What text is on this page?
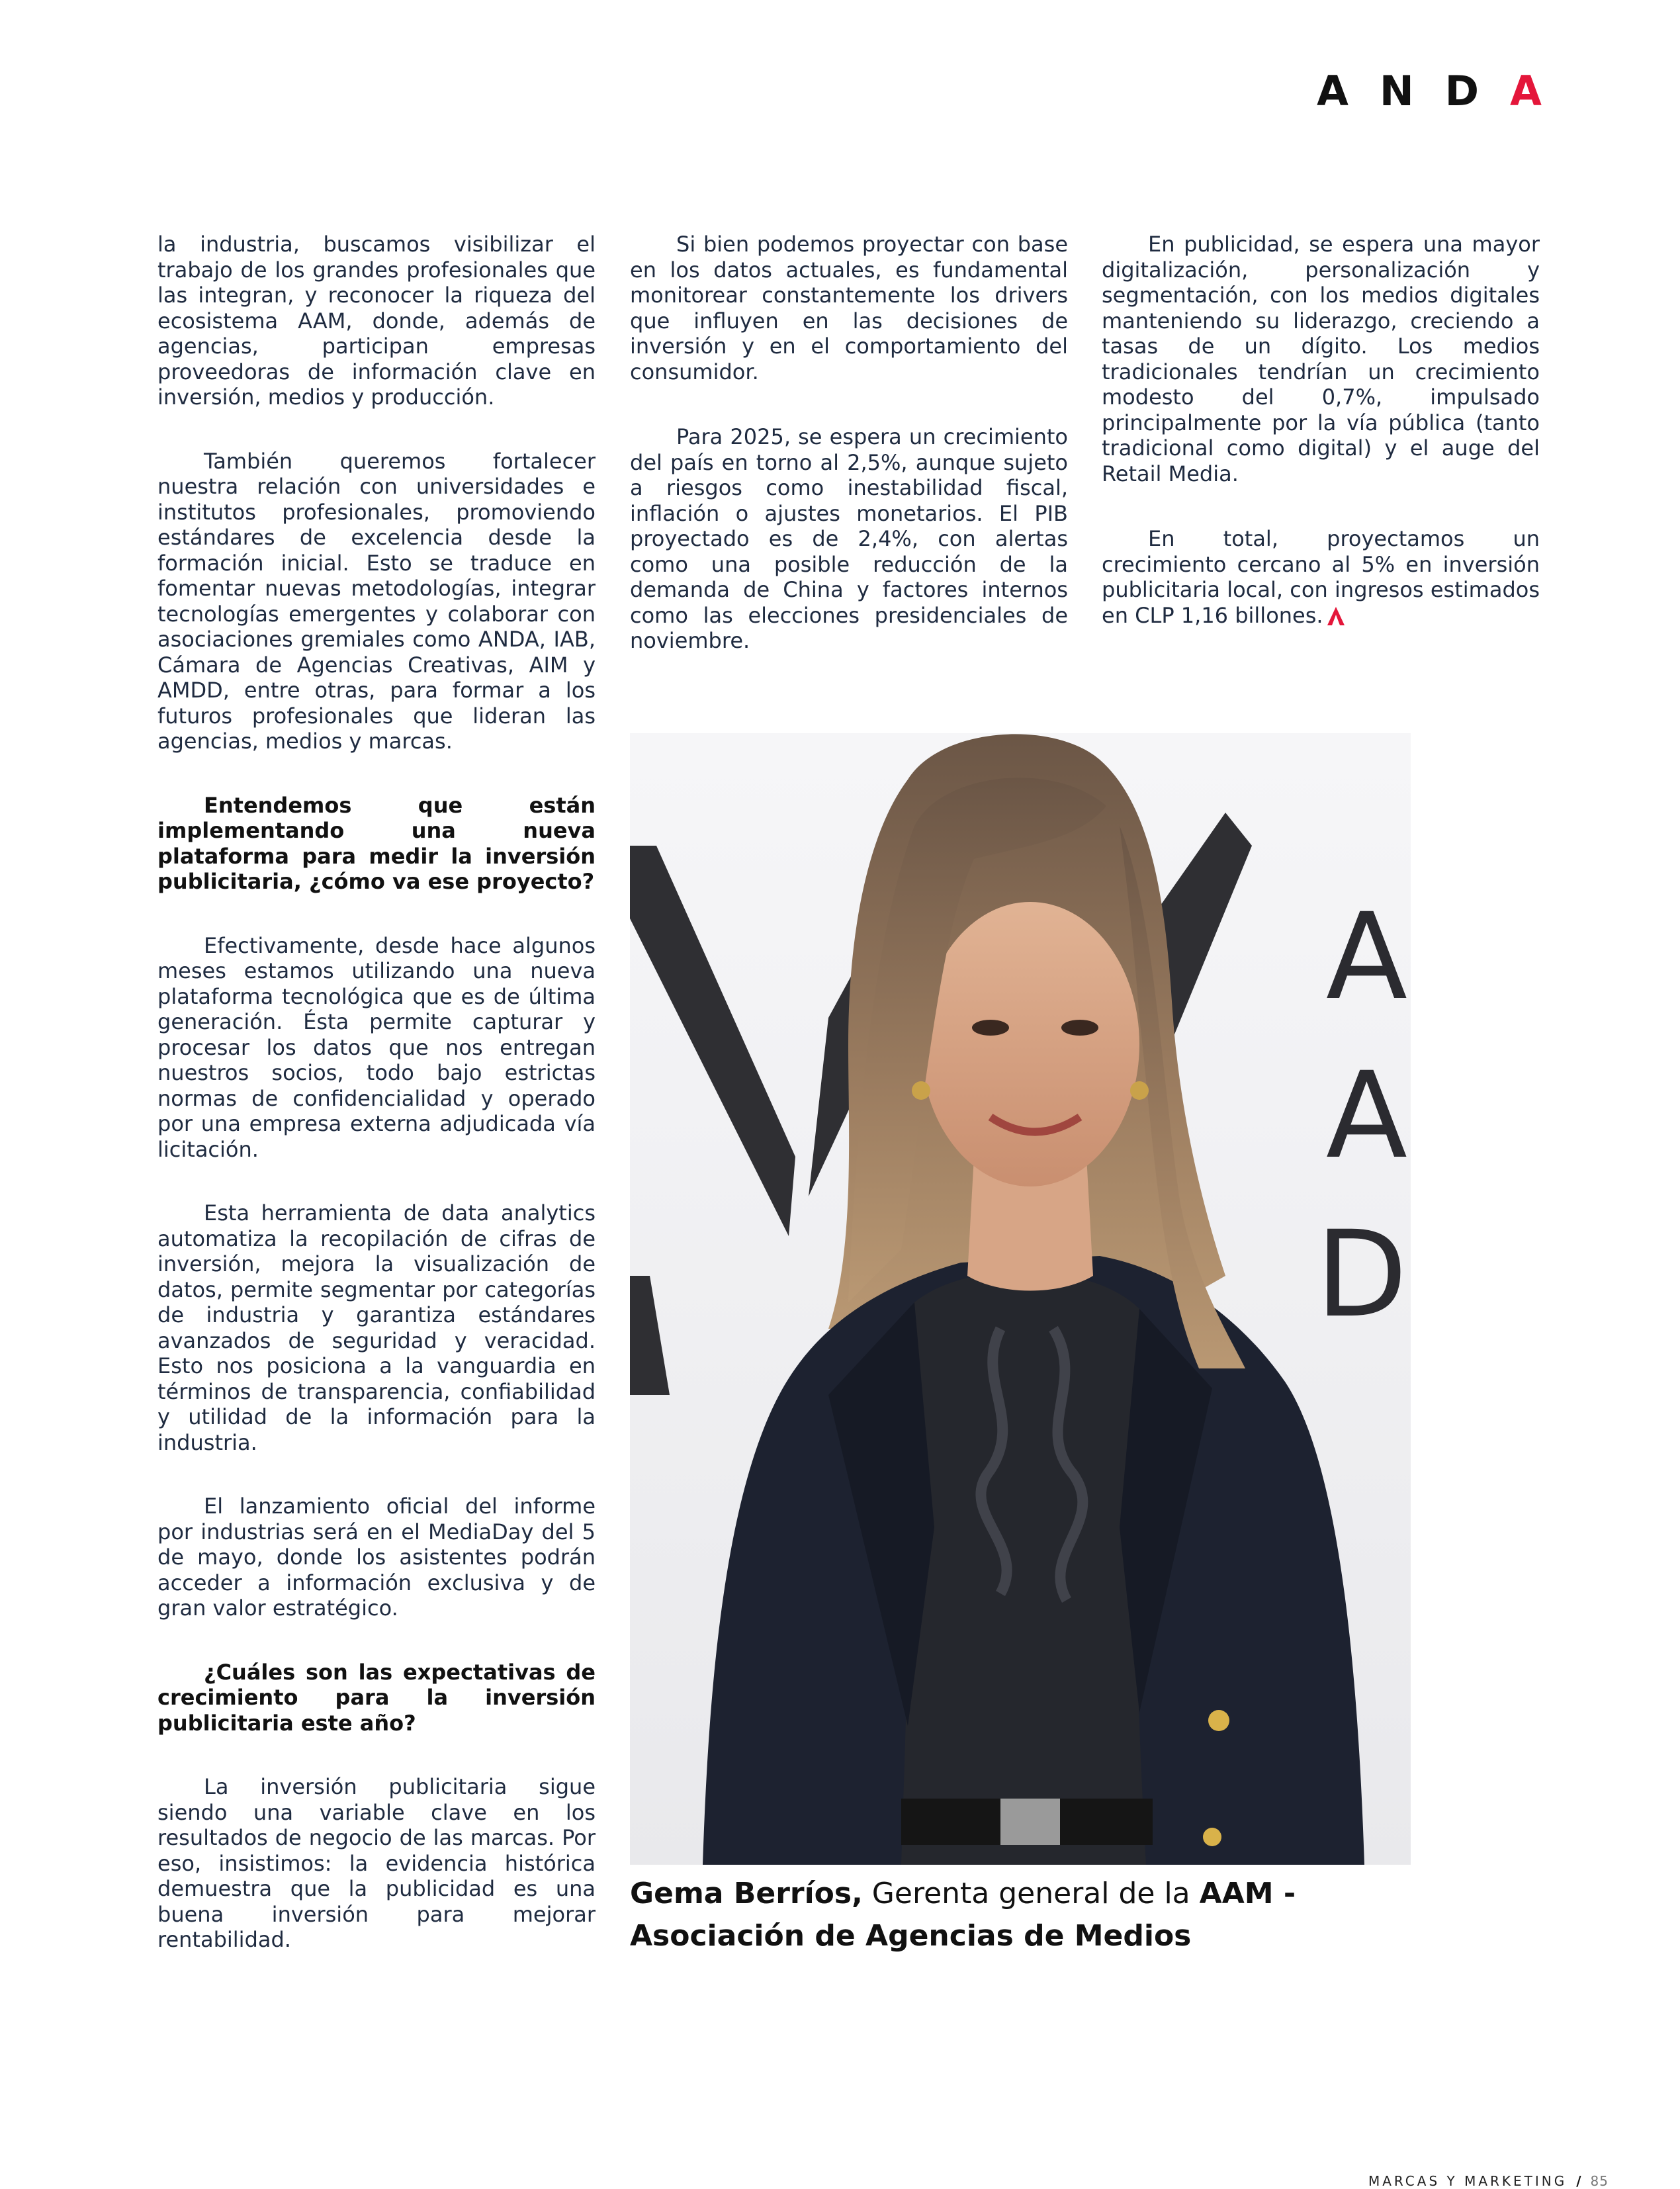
A N D A

la industria, buscamos visibilizar el trabajo de los grandes profesionales que las integran, y reconocer la riqueza del ecosistema AAM, donde, además de agencias, participan empresas proveedoras de información clave en inversión, medios y producción.

También queremos fortalecer nuestra relación con universidades e institutos profesionales, promoviendo estándares de excelencia desde la formación inicial. Esto se traduce en fomentar nuevas metodologías, integrar tecnologías emergentes y colaborar con asociaciones gremiales como ANDA, IAB, Cámara de Agencias Creativas, AIM y AMDD, entre otras, para formar a los futuros profesionales que lideran las agencias, medios y marcas.

Entendemos que están implementando una nueva plataforma para medir la inversión publicitaria, ¿cómo va ese proyecto?

Efectivamente, desde hace algunos meses estamos utilizando una nueva plataforma tecnológica que es de última generación. Ésta permite capturar y procesar los datos que nos entregan nuestros socios, todo bajo estrictas normas de confidencialidad y operado por una empresa externa adjudicada vía licitación.

Esta herramienta de data analytics automatiza la recopilación de cifras de inversión, mejora la visualización de datos, permite segmentar por categorías de industria y garantiza estándares avanzados de seguridad y veracidad. Esto nos posiciona a la vanguardia en términos de transparencia, confiabilidad y utilidad de la información para la industria.

El lanzamiento oficial del informe por industrias será en el MediaDay del 5 de mayo, donde los asistentes podrán acceder a información exclusiva y de gran valor estratégico.

¿Cuáles son las expectativas de crecimiento para la inversión publicitaria este año?

La inversión publicitaria sigue siendo una variable clave en los resultados de negocio de las marcas. Por eso, insistimos: la evidencia histórica demuestra que la publicidad es una buena inversión para mejorar rentabilidad.

Si bien podemos proyectar con base en los datos actuales, es fundamental monitorear constantemente los drivers que influyen en las decisiones de inversión y en el comportamiento del consumidor.

Para 2025, se espera un crecimiento del país en torno al 2,5%, aunque sujeto a riesgos como inestabilidad fiscal, inflación o ajustes monetarios. El PIB proyectado es de 2,4%, con alertas como una posible reducción de la demanda de China y factores internos como las elecciones presidenciales de noviembre.

En publicidad, se espera una mayor digitalización, personalización y segmentación, con los medios digitales manteniendo su liderazgo, creciendo a tasas de un dígito. Los medios tradicionales tendrían un crecimiento modesto del 0,7%, impulsado principalmente por la vía pública (tanto tradicional como digital) y el auge del Retail Media.

En total, proyectamos un crecimiento cercano al 5% en inversión publicitaria local, con ingresos estimados en CLP 1,16 billones.

A
A
D
Gema Berríos, Gerenta general de la AAM - Asociación de Agencias de Medios
MARCAS Y MARKETING / 85
